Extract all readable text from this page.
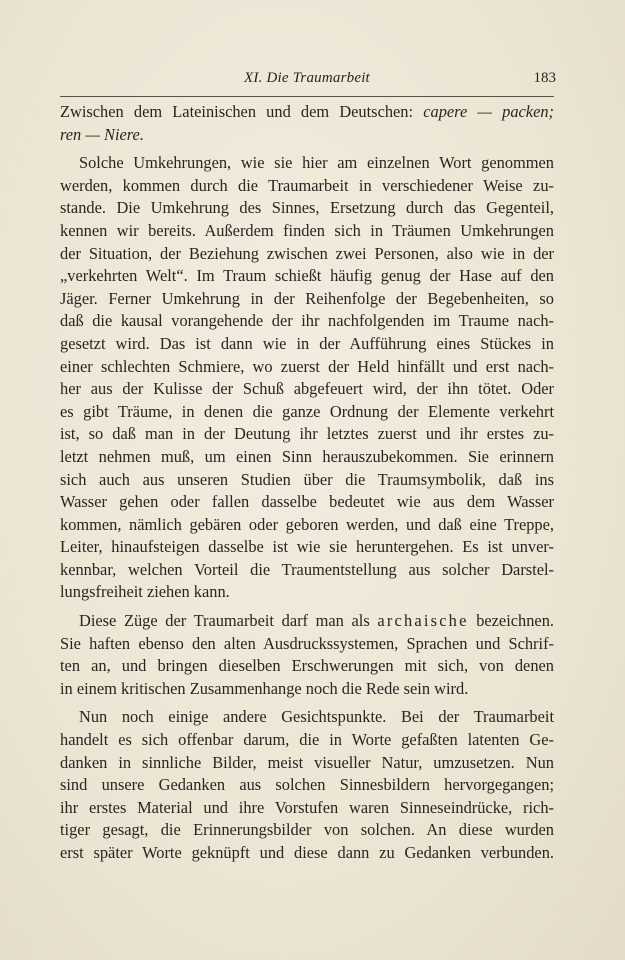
XI. Die Traumarbeit	183
Zwischen dem Lateinischen und dem Deutschen: capere — packen;
ren — Niere.
Solche Umkehrungen, wie sie hier am einzelnen Wort genommen
werden, kommen durch die Traumarbeit in verschiedener Weise zu-
stande. Die Umkehrung des Sinnes, Ersetzung durch das Gegenteil,
kennen wir bereits. Außerdem finden sich in Träumen Umkehrungen
der Situation, der Beziehung zwischen zwei Personen, also wie in der
„verkehrten Welt“. Im Traum schießt häufig genug der Hase auf den
Jäger. Ferner Umkehrung in der Reihenfolge der Begebenheiten, so
daß die kausal vorangehende der ihr nachfolgenden im Traume nach-
gesetzt wird. Das ist dann wie in der Aufführung eines Stückes in
einer schlechten Schmiere, wo zuerst der Held hinfällt und erst nach-
her aus der Kulisse der Schuß abgefeuert wird, der ihn tötet. Oder
es gibt Träume, in denen die ganze Ordnung der Elemente verkehrt
ist, so daß man in der Deutung ihr letztes zuerst und ihr erstes zu-
letzt nehmen muß, um einen Sinn herauszubekommen. Sie erinnern
sich auch aus unseren Studien über die Traumsymbolik, daß ins
Wasser gehen oder fallen dasselbe bedeutet wie aus dem Wasser
kommen, nämlich gebären oder geboren werden, und daß eine Treppe,
Leiter, hinaufsteigen dasselbe ist wie sie heruntergehen. Es ist unver-
kennbar, welchen Vorteil die Traumentstellung aus solcher Darstel-
lungsfreiheit ziehen kann.
Diese Züge der Traumarbeit darf man als archaische bezeichnen.
Sie haften ebenso den alten Ausdruckssystemen, Sprachen und Schrif-
ten an, und bringen dieselben Erschwerungen mit sich, von denen
in einem kritischen Zusammenhange noch die Rede sein wird.
Nun noch einige andere Gesichtspunkte. Bei der Traumarbeit
handelt es sich offenbar darum, die in Worte gefaßten latenten Ge-
danken in sinnliche Bilder, meist visueller Natur, umzusetzen. Nun
sind unsere Gedanken aus solchen Sinnesbildern hervorgegangen;
ihr erstes Material und ihre Vorstufen waren Sinneseindrücke, rich-
tiger gesagt, die Erinnerungsbilder von solchen. An diese wurden
erst später Worte geknüpft und diese dann zu Gedanken verbunden.
